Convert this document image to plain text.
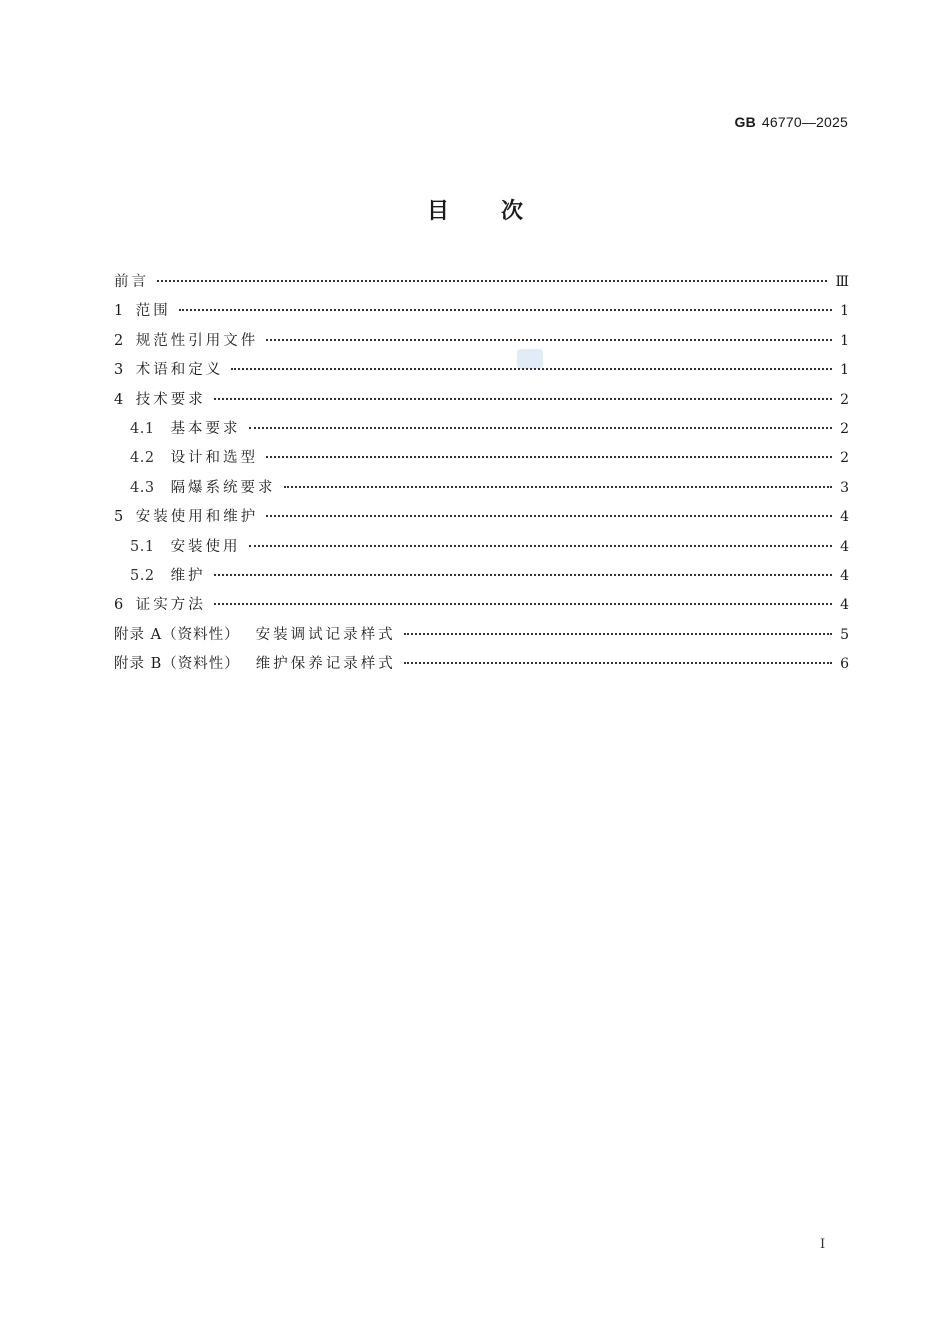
GB 46770—2025
目次
前言	Ⅲ
1 范围	1
2 规范性引用文件	1
3 术语和定义	1
4 技术要求	2
4.1 基本要求	2
4.2 设计和选型	2
4.3 隔爆系统要求	3
5 安装使用和维护	4
5.1 安装使用	4
5.2 维护	4
6 证实方法	4
附录 A（资料性） 安装调试记录样式	5
附录 B（资料性） 维护保养记录样式	6
I
